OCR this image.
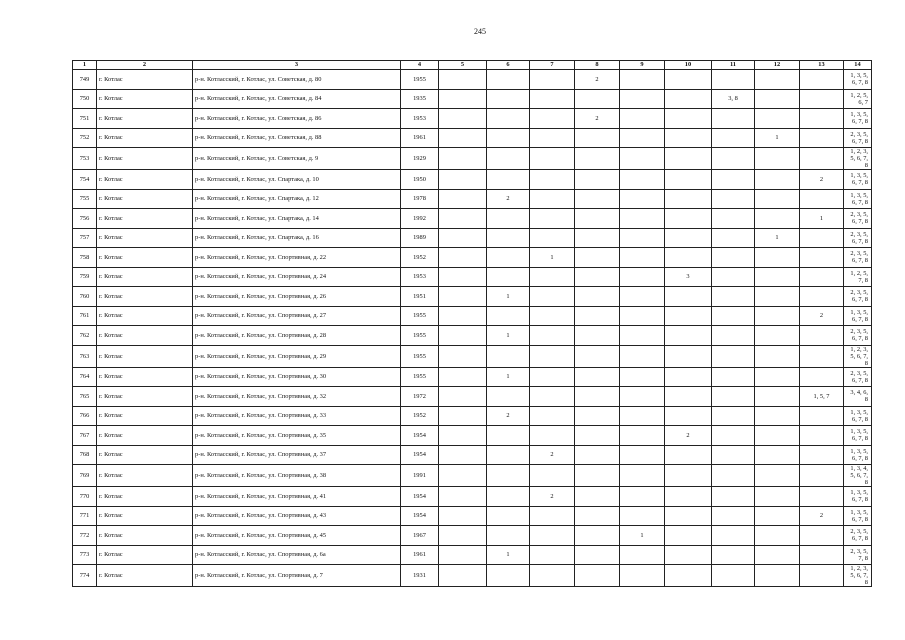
245
1	2	3	4	5	6	7	8	9	10	11	12	13	14
749	г. Котлас	р-н. Котласский, г. Котлас, ул. Советская, д. 80	1955				2						1, 3, 5, 6, 7, 8
750	г. Котлас	р-н. Котласский, г. Котлас, ул. Советская, д. 84	1935							3, 8			1, 2, 5, 6, 7
751	г. Котлас	р-н. Котласский, г. Котлас, ул. Советская, д. 86	1953				2						1, 3, 5, 6, 7, 8
752	г. Котлас	р-н. Котласский, г. Котлас, ул. Советская, д. 88	1961								1		2, 3, 5, 6, 7, 8
753	г. Котлас	р-н. Котласский, г. Котлас, ул. Советская, д. 9	1929										1, 2, 3, 5, 6, 7, 8
754	г. Котлас	р-н. Котласский, г. Котлас, ул. Спартака, д. 10	1950									2	1, 3, 5, 6, 7, 8
755	г. Котлас	р-н. Котласский, г. Котлас, ул. Спартака, д. 12	1978		2								1, 3, 5, 6, 7, 8
756	г. Котлас	р-н. Котласский, г. Котлас, ул. Спартака, д. 14	1992									1	2, 3, 5, 6, 7, 8
757	г. Котлас	р-н. Котласский, г. Котлас, ул. Спартака, д. 16	1989								1		2, 3, 5, 6, 7, 8
758	г. Котлас	р-н. Котласский, г. Котлас, ул. Спортивная, д. 22	1952			1							2, 3, 5, 6, 7, 8
759	г. Котлас	р-н. Котласский, г. Котлас, ул. Спортивная, д. 24	1953						3				1, 2, 5, 7, 8
760	г. Котлас	р-н. Котласский, г. Котлас, ул. Спортивная, д. 26	1951		1								2, 3, 5, 6, 7, 8
761	г. Котлас	р-н. Котласский, г. Котлас, ул. Спортивная, д. 27	1955									2	1, 3, 5, 6, 7, 8
762	г. Котлас	р-н. Котласский, г. Котлас, ул. Спортивная, д. 28	1955		1								2, 3, 5, 6, 7, 8
763	г. Котлас	р-н. Котласский, г. Котлас, ул. Спортивная, д. 29	1955										1, 2, 3, 5, 6, 7, 8
764	г. Котлас	р-н. Котласский, г. Котлас, ул. Спортивная, д. 30	1955		1								2, 3, 5, 6, 7, 8
765	г. Котлас	р-н. Котласский, г. Котлас, ул. Спортивная, д. 32	1972									1, 5, 7	3, 4, 6, 8
766	г. Котлас	р-н. Котласский, г. Котлас, ул. Спортивная, д. 33	1952		2								1, 3, 5, 6, 7, 8
767	г. Котлас	р-н. Котласский, г. Котлас, ул. Спортивная, д. 35	1954						2				1, 3, 5, 6, 7, 8
768	г. Котлас	р-н. Котласский, г. Котлас, ул. Спортивная, д. 37	1954			2							1, 3, 5, 6, 7, 8
769	г. Котлас	р-н. Котласский, г. Котлас, ул. Спортивная, д. 38	1991										1, 3, 4, 5, 6, 7, 8
770	г. Котлас	р-н. Котласский, г. Котлас, ул. Спортивная, д. 41	1954			2							1, 3, 5, 6, 7, 8
771	г. Котлас	р-н. Котласский, г. Котлас, ул. Спортивная, д. 43	1954									2	1, 3, 5, 6, 7, 8
772	г. Котлас	р-н. Котласский, г. Котлас, ул. Спортивная, д. 45	1967					1					2, 3, 5, 6, 7, 8
773	г. Котлас	р-н. Котласский, г. Котлас, ул. Спортивная, д. 6а	1961		1								2, 3, 5, 7, 8
774	г. Котлас	р-н. Котласский, г. Котлас, ул. Спортивная, д. 7	1931										1, 2, 3, 5, 6, 7, 8
